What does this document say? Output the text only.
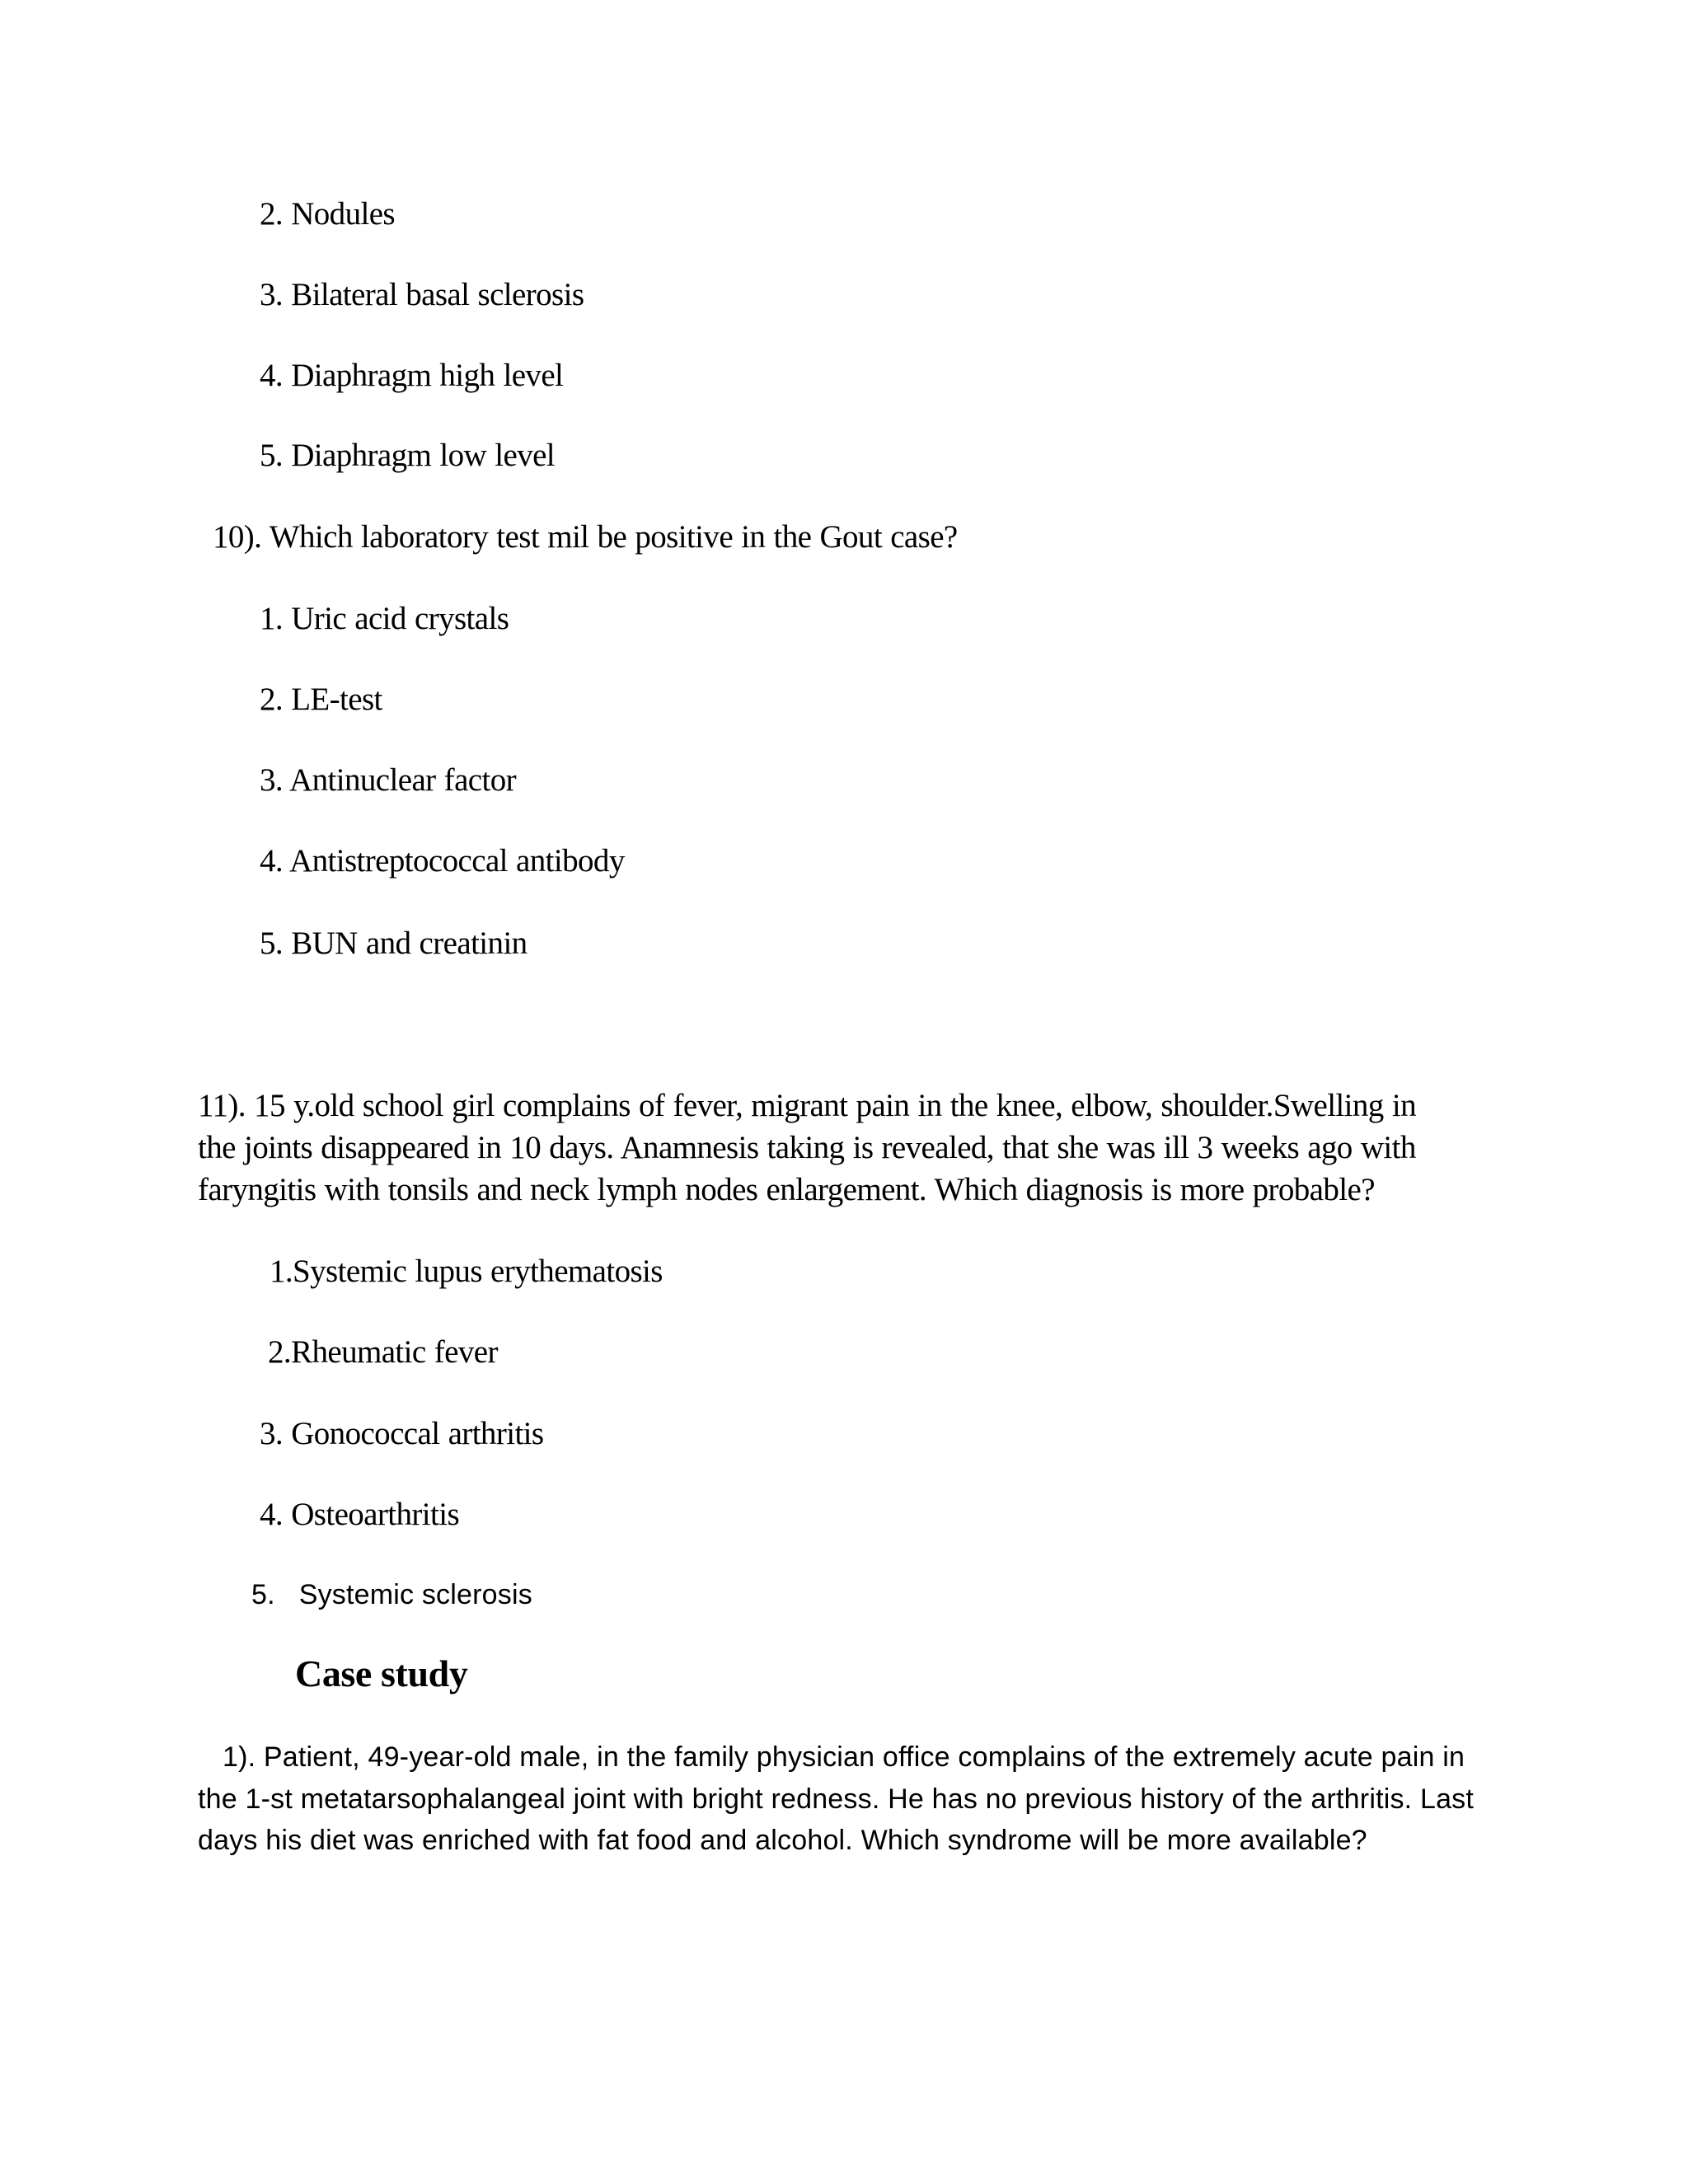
2. Nodules
3. Bilateral basal sclerosis
4. Diaphragm high level
5. Diaphragm low level
10). Which laboratory test mil be positive in the Gout case?
1. Uric acid crystals
2. LE-test
3. Antinuclear factor
4. Antistreptococcal antibody
5. BUN and creatinin
11). 15 y.old school girl complains of fever, migrant pain in the knee, elbow, shoulder.Swelling in
the joints disappeared in 10 days. Anamnesis taking is revealed, that she was ill 3 weeks ago with
faryngitis with tonsils and neck lymph nodes enlargement. Which diagnosis is more probable?
1.Systemic lupus erythematosis
2.Rheumatic fever
3. Gonococcal arthritis
4. Osteoarthritis
5.   Systemic sclerosis
Case study
1). Patient, 49-year-old male, in the family physician office complains of the extremely acute pain in
the 1-st metatarsophalangeal joint with bright redness. He has no previous history of the arthritis. Last
days his diet was enriched with fat food and alcohol. Which syndrome will be more available?
